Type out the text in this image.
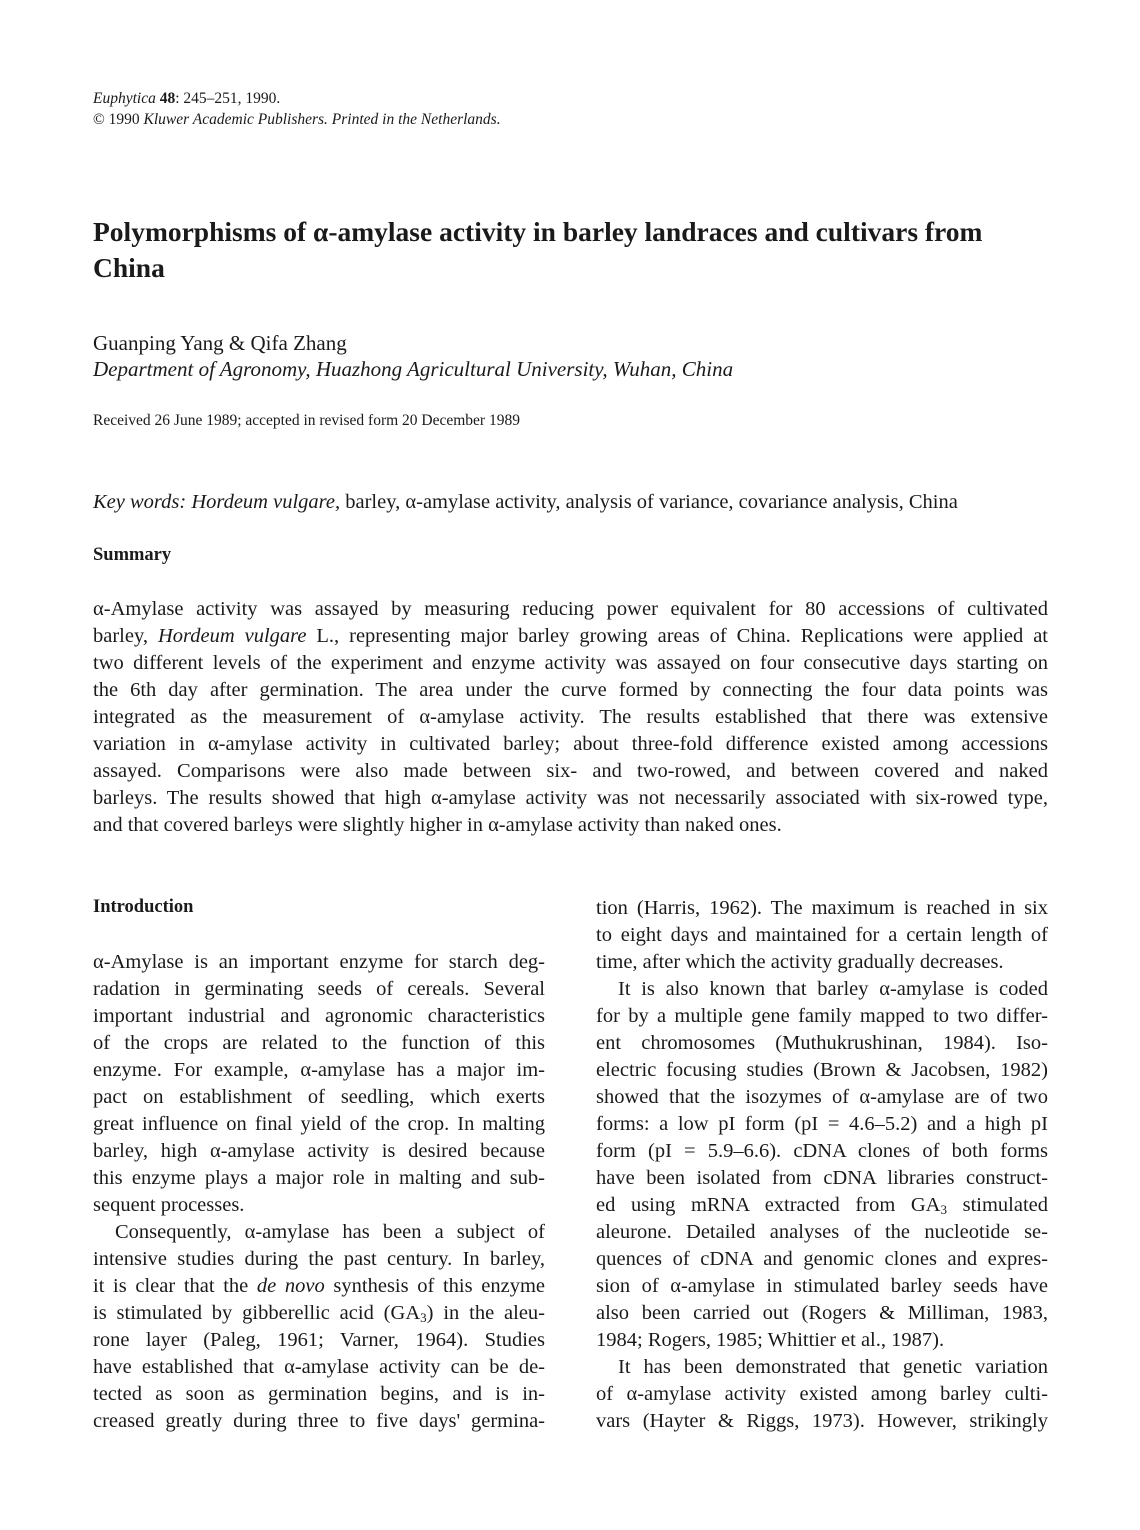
Euphytica 48: 245–251, 1990.
© 1990 Kluwer Academic Publishers. Printed in the Netherlands.
Polymorphisms of α-amylase activity in barley landraces and cultivars from
China
Guanping Yang & Qifa Zhang
Department of Agronomy, Huazhong Agricultural University, Wuhan, China
Received 26 June 1989; accepted in revised form 20 December 1989
Key words: Hordeum vulgare, barley, α-amylase activity, analysis of variance, covariance analysis, China
Summary
α-Amylase activity was assayed by measuring reducing power equivalent for 80 accessions of cultivated
barley, Hordeum vulgare L., representing major barley growing areas of China. Replications were applied at
two different levels of the experiment and enzyme activity was assayed on four consecutive days starting on
the 6th day after germination. The area under the curve formed by connecting the four data points was
integrated as the measurement of α-amylase activity. The results established that there was extensive
variation in α-amylase activity in cultivated barley; about three-fold difference existed among accessions
assayed. Comparisons were also made between six- and two-rowed, and between covered and naked
barleys. The results showed that high α-amylase activity was not necessarily associated with six-rowed type,
and that covered barleys were slightly higher in α-amylase activity than naked ones.
Introduction
α-Amylase is an important enzyme for starch deg-
radation in germinating seeds of cereals. Several
important industrial and agronomic characteristics
of the crops are related to the function of this
enzyme. For example, α-amylase has a major im-
pact on establishment of seedling, which exerts
great influence on final yield of the crop. In malting
barley, high α-amylase activity is desired because
this enzyme plays a major role in malting and sub-
sequent processes.
Consequently, α-amylase has been a subject of
intensive studies during the past century. In barley,
it is clear that the de novo synthesis of this enzyme
is stimulated by gibberellic acid $(GA_3)$ in the aleu-
rone layer (Paleg, 1961; Varner, 1964). Studies
have established that α-amylase activity can be de-
tected as soon as germination begins, and is in-
creased greatly during three to five days' germina-
tion (Harris, 1962). The maximum is reached in six
to eight days and maintained for a certain length of
time, after which the activity gradually decreases.
It is also known that barley α-amylase is coded
for by a multiple gene family mapped to two differ-
ent chromosomes (Muthukrushinan, 1984). Iso-
electric focusing studies (Brown & Jacobsen, 1982)
showed that the isozymes of α-amylase are of two
forms: a low pI form (pI = 4.6–5.2) and a high pI
form (pI = 5.9–6.6). cDNA clones of both forms
have been isolated from cDNA libraries construct-
ed using mRNA extracted from $GA_3$ stimulated
aleurone. Detailed analyses of the nucleotide se-
quences of cDNA and genomic clones and expres-
sion of α-amylase in stimulated barley seeds have
also been carried out (Rogers & Milliman, 1983,
1984; Rogers, 1985; Whittier et al., 1987).
It has been demonstrated that genetic variation
of α-amylase activity existed among barley culti-
vars (Hayter & Riggs, 1973). However, strikingly
